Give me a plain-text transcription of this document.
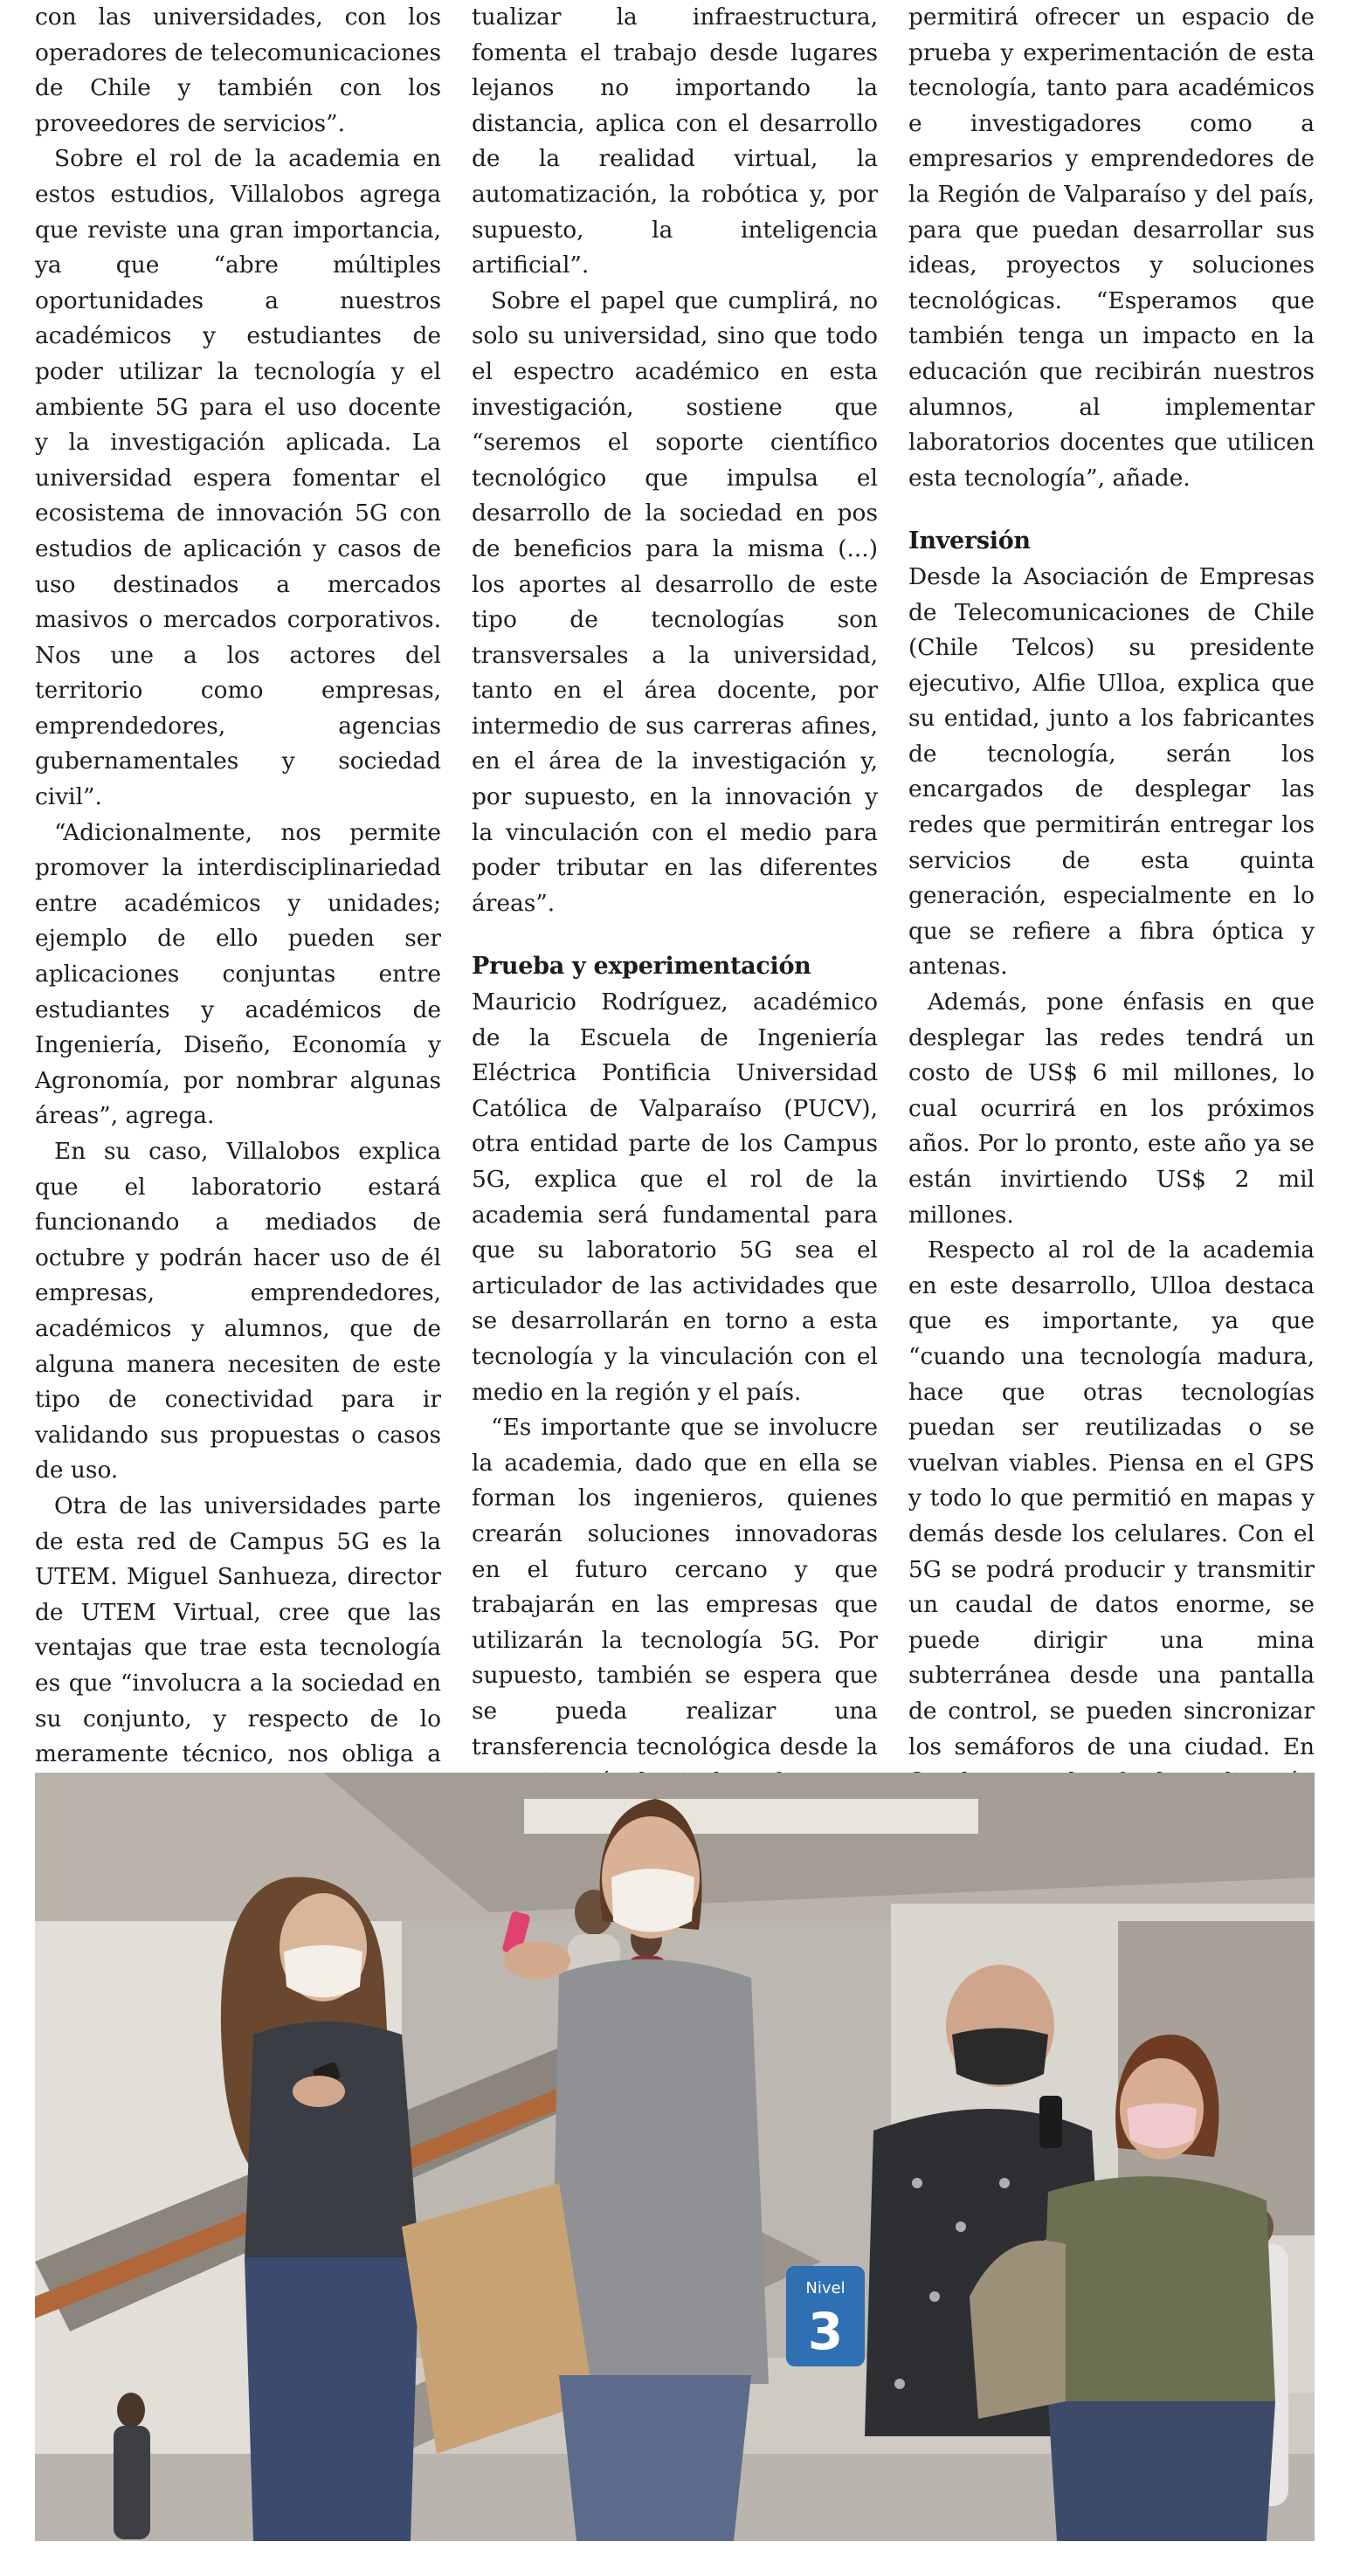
con las universidades, con los operadores de telecomunicaciones de Chile y también con los proveedores de servicios”.

Sobre el rol de la academia en estos estudios, Villalobos agrega que reviste una gran importancia, ya que “abre múltiples oportunidades a nuestros académicos y estudiantes de poder utilizar la tecnología y el ambiente 5G para el uso docente y la investigación aplicada. La universidad espera fomentar el ecosistema de innovación 5G con estudios de aplicación y casos de uso destinados a mercados masivos o mercados corporativos. Nos une a los actores del territorio como empresas, emprendedores, agencias gubernamentales y sociedad civil”.

“Adicionalmente, nos permite promover la interdisciplinariedad entre académicos y unidades; ejemplo de ello pueden ser aplicaciones conjuntas entre estudiantes y académicos de Ingeniería, Diseño, Economía y Agronomía, por nombrar algunas áreas”, agrega.

En su caso, Villalobos explica que el laboratorio estará funcionando a mediados de octubre y podrán hacer uso de él empresas, emprendedores, académicos y alumnos, que de alguna manera necesiten de este tipo de conectividad para ir validando sus propuestas o casos de uso.

Otra de las universidades parte de esta red de Campus 5G es la UTEM. Miguel Sanhueza, director de UTEM Virtual, cree que las ventajas que trae esta tecnología es que “involucra a la sociedad en su conjunto, y respecto de lo meramente técnico, nos obliga a

tualizar la infraestructura, fomenta el trabajo desde lugares lejanos no importando la distancia, aplica con el desarrollo de la realidad virtual, la automatización, la robótica y, por supuesto, la inteligencia artificial”.

Sobre el papel que cumplirá, no solo su universidad, sino que todo el espectro académico en esta investigación, sostiene que “seremos el soporte científico tecnológico que impulsa el desarrollo de la sociedad en pos de beneficios para la misma (...) los aportes al desarrollo de este tipo de tecnologías son transversales a la universidad, tanto en el área docente, por intermedio de sus carreras afines, en el área de la investigación y, por supuesto, en la innovación y la vinculación con el medio para poder tributar en las diferentes áreas”.

Prueba y experimentación

Mauricio Rodríguez, académico de la Escuela de Ingeniería Eléctrica Pontificia Universidad Católica de Valparaíso (PUCV), otra entidad parte de los Campus 5G, explica que el rol de la academia será fundamental para que su laboratorio 5G sea el articulador de las actividades que se desarrollarán en torno a esta tecnología y la vinculación con el medio en la región y el país.

“Es importante que se involucre la academia, dado que en ella se forman los ingenieros, quienes crearán soluciones innovadoras en el futuro cercano y que trabajarán en las empresas que utilizarán la tecnología 5G. Por supuesto, también se espera que se pueda realizar una transferencia tecnológica desde la

permitirá ofrecer un espacio de prueba y experimentación de esta tecnología, tanto para académicos e investigadores como a empresarios y emprendedores de la Región de Valparaíso y del país, para que puedan desarrollar sus ideas, proyectos y soluciones tecnológicas. “Esperamos que también tenga un impacto en la educación que recibirán nuestros alumnos, al implementar laboratorios docentes que utilicen esta tecnología”, añade.

Inversión

Desde la Asociación de Empresas de Telecomunicaciones de Chile (Chile Telcos) su presidente ejecutivo, Alfie Ulloa, explica que su entidad, junto a los fabricantes de tecnología, serán los encargados de desplegar las redes que permitirán entregar los servicios de esta quinta generación, especialmente en lo que se refiere a fibra óptica y antenas.

Además, pone énfasis en que desplegar las redes tendrá un costo de US$ 6 mil millones, lo cual ocurrirá en los próximos años. Por lo pronto, este año ya se están invirtiendo US$ 2 mil millones.

Respecto al rol de la academia en este desarrollo, Ulloa destaca que es importante, ya que “cuando una tecnología madura, hace que otras tecnologías puedan ser reutilizadas o se vuelvan viables. Piensa en el GPS y todo lo que permitió en mapas y demás desde los celulares. Con el 5G se podrá producir y transmitir un caudal de datos enorme, se puede dirigir una mina subterránea desde una pantalla de control, se pueden sincronizar los semáforos de una ciudad. En

Nivel
3
